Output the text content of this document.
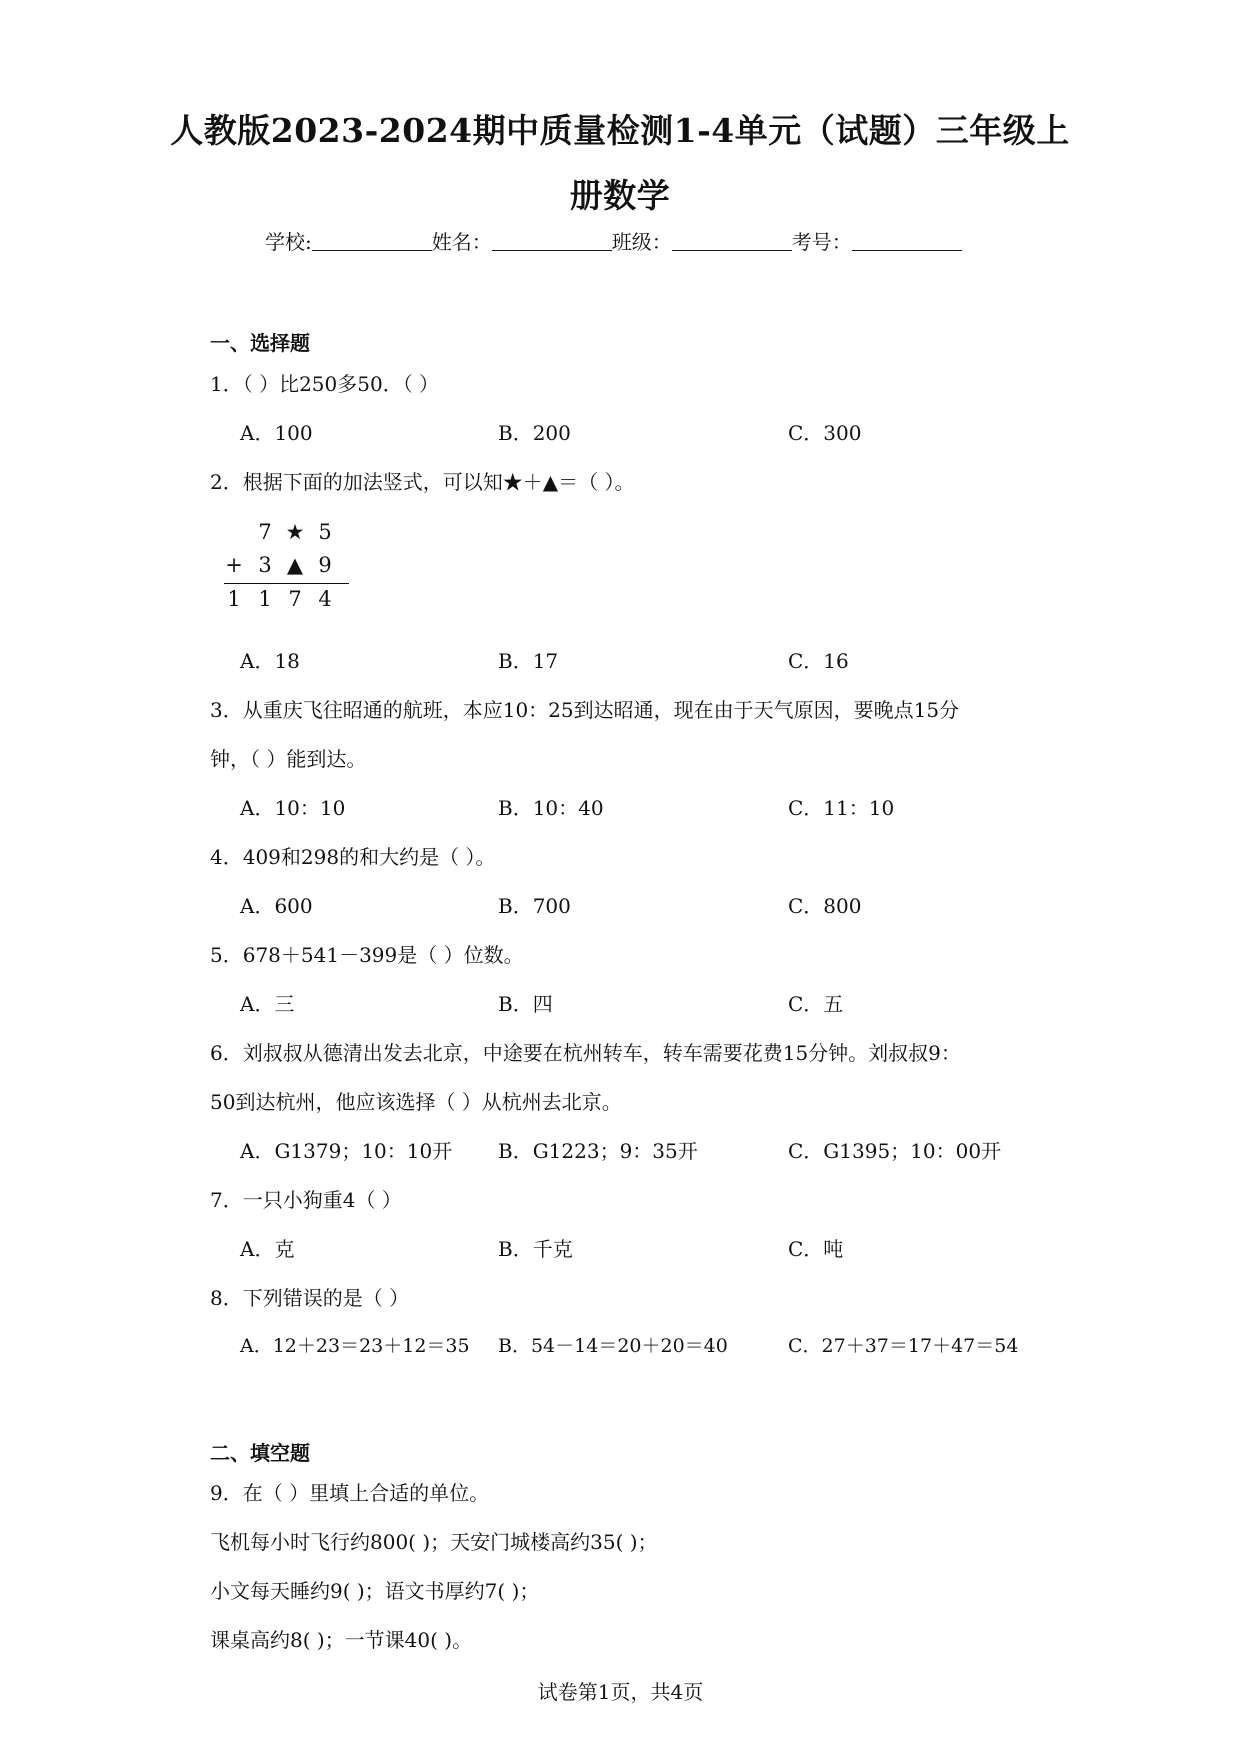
人教版2023-2024期中质量检测1-4单元（试题）三年级上
册数学
学校:	姓名：	班级：	考号：
一、选择题
1．（ ）比250多50．（ ）
A．100	B．200	C．300
2．根据下面的加法竖式，可以知★＋▲＝（ ）。
7 ★ 5
+ 3 ▲ 9
1 1 7 4
A．18	B．17	C．16
3．从重庆飞往昭通的航班，本应10：25到达昭通，现在由于天气原因，要晚点15分
钟，（ ）能到达。
A．10：10	B．10：40	C．11：10
4．409和298的和大约是（ ）。
A．600	B．700	C．800
5．678＋541－399是（ ）位数。
A．三	B．四	C．五
6．刘叔叔从德清出发去北京，中途要在杭州转车，转车需要花费15分钟。刘叔叔9：
50到达杭州，他应该选择（ ）从杭州去北京。
A．G1379；10：10开 B．G1223；9：35开	C．G1395；10：00开
7．一只小狗重4（ ）
A．克	B．千克	C．吨
8．下列错误的是（ ）
A．12＋23＝23＋12＝35 B．54－14＝20＋20＝40	C．27＋37＝17＋47＝54
二、填空题
9．在（ ）里填上合适的单位。
飞机每小时飞行约800( )；天安门城楼高约35( )；
小文每天睡约9( )；语文书厚约7( )；
课桌高约8( )；一节课40( )。
试卷第1页，共4页
